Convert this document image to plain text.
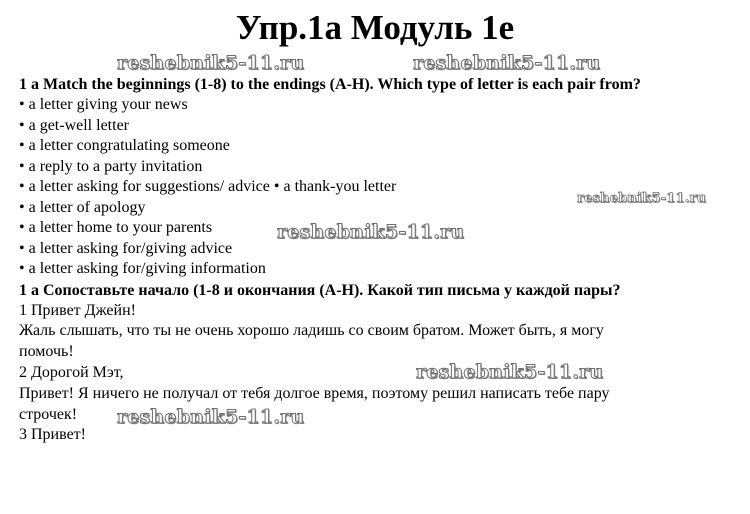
Упр.1a Модуль 1e
reshebnik5-11.ru	reshebnik5-11.ru
1 a Match the beginnings (1-8) to the endings (A-H). Which type of letter is each pair from?
• a letter giving your news
• a get-well letter
• a letter congratulating someone
• a reply to a party invitation
• a letter asking for suggestions/ advice • a thank-you letter
reshebnik5-11.ru
• a letter of apology
• a letter home to your parents	reshebnik5-11.ru
• a letter asking for/giving advice
• a letter asking for/giving information
1 a Сопоставьте начало (1-8 и окончания (A-H). Какой тип письма у каждой пары?
1 Привет Джейн!
Жаль слышать, что ты не очень хорошо ладишь со своим братом. Может быть, я могу
помочь!
2 Дорогой Мэт,	reshebnik5-11.ru
Привет! Я ничего не получал от тебя долгое время, поэтому решил написать тебе пару
строчек! reshebnik5-11.ru
3 Привет!
